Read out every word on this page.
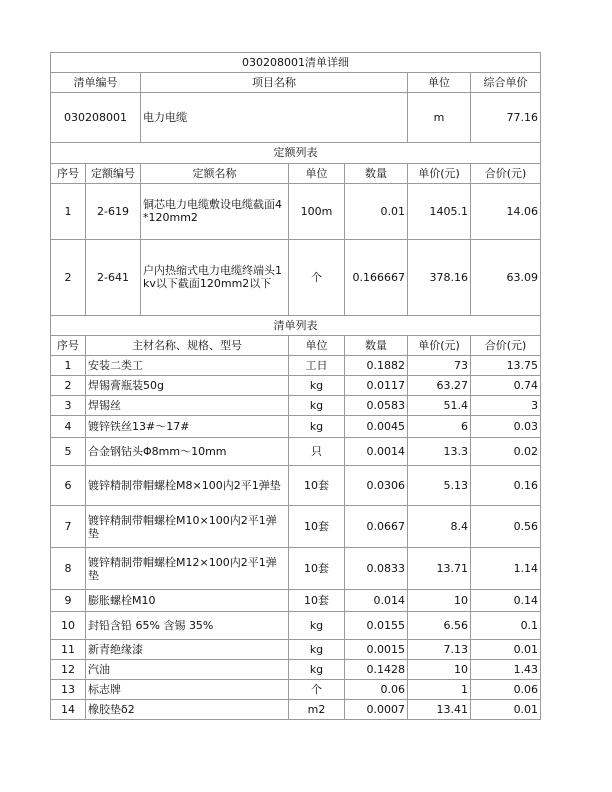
030208001清单详细			
清单编号	项目名称	单位	综合单价
030208001	电力电缆	m	77.16
定额列表						
序号	定额编号	定额名称	单位	数量	单价(元)	合价(元)
1	2-619	铜芯电力电缆敷设电缆截面4*120mm2	100m	0.01	1405.1	14.06
2	2-641	户内热缩式电力电缆终端头1kv以下截面120mm2以下	个	0.166667	378.16	63.09
清单列表					
序号	主材名称、规格、型号	单位	数量	单价(元)	合价(元)
1	安装二类工	工日	0.1882	73	13.75
2	焊锡膏瓶装50g	kg	0.0117	63.27	0.74
3	焊锡丝	kg	0.0583	51.4	3
4	镀锌铁丝13#～17#	kg	0.0045	6	0.03
5	合金钢钻头Φ8mm～10mm	只	0.0014	13.3	0.02
6	镀锌精制带帽螺栓M8×100内2平1弹垫	10套	0.0306	5.13	0.16
7	镀锌精制带帽螺栓M10×100内2平1弹垫	10套	0.0667	8.4	0.56
8	镀锌精制带帽螺栓M12×100内2平1弹垫	10套	0.0833	13.71	1.14
9	膨胀螺栓M10	10套	0.014	10	0.14
10	封铅含铅 65% 含锡 35%	kg	0.0155	6.56	0.1
11	新青绝缘漆	kg	0.0015	7.13	0.01
12	汽油	kg	0.1428	10	1.43
13	标志牌	个	0.06	1	0.06
14	橡胶垫δ2	m2	0.0007	13.41	0.01
